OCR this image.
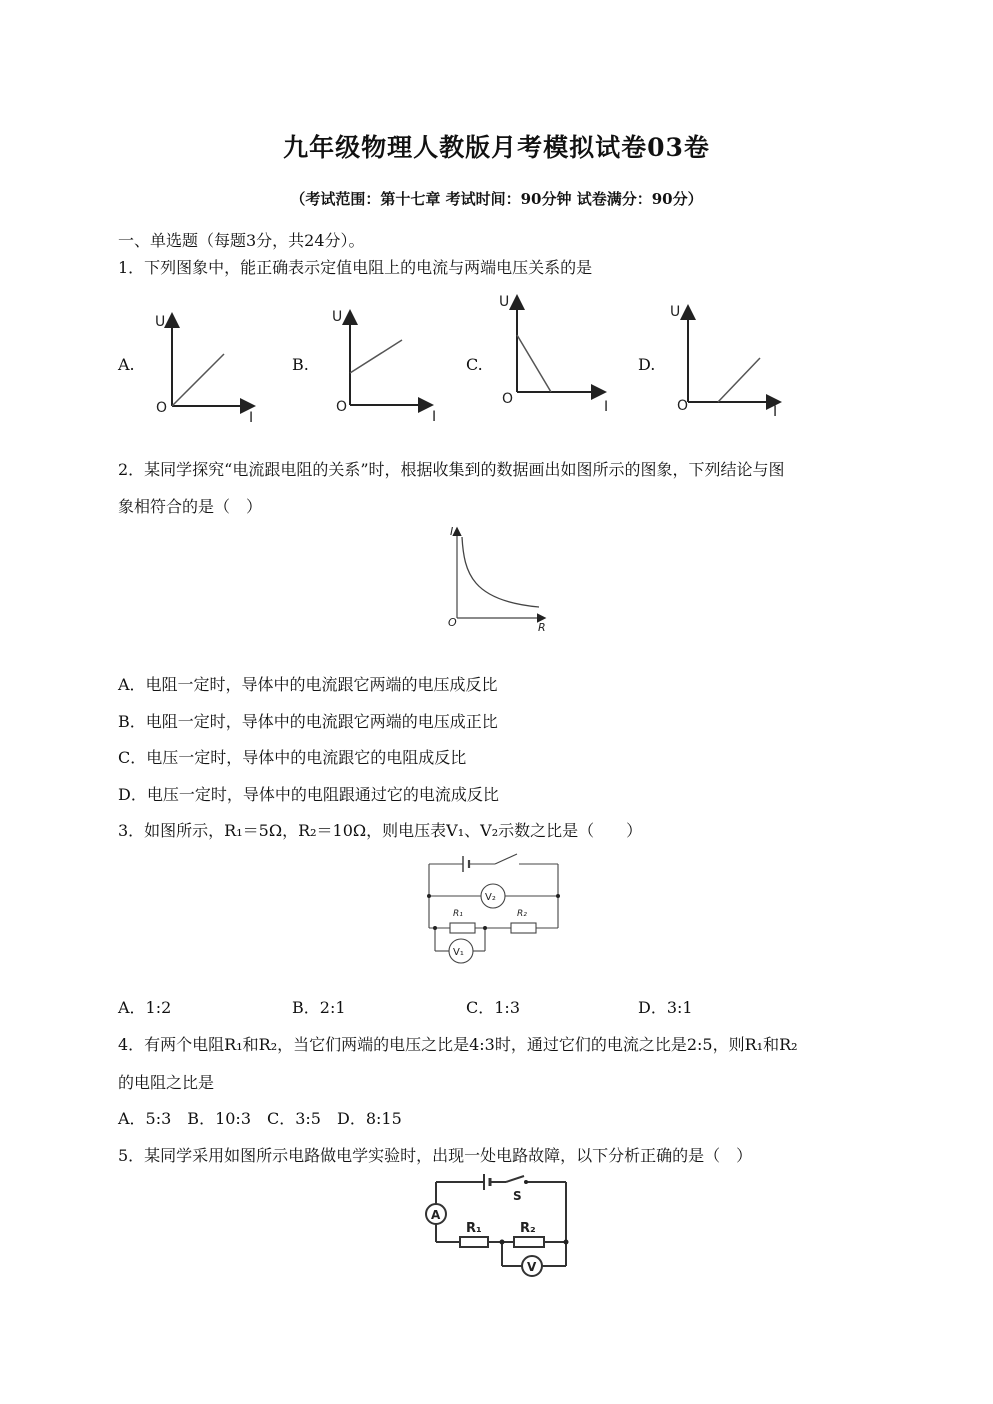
九年级物理人教版月考模拟试卷03卷
（考试范围：第十七章 考试时间：90分钟 试卷满分：90分）
一、单选题（每题3分，共24分）。
1．下列图象中，能正确表示定值电阻上的电流与两端电压关系的是
A.	B.	C.	D.
U
O
I
U
O
I
U
O	I
U
O	I
2．某同学探究“电流跟电阻的关系”时，根据收集到的数据画出如图所示的图象，下列结论与图
象相符合的是（　）
I
O	R
A．电阻一定时，导体中的电流跟它两端的电压成反比
B．电阻一定时，导体中的电流跟它两端的电压成正比
C．电压一定时，导体中的电流跟它的电阻成反比
D．电压一定时，导体中的电阻跟通过它的电流成反比
3．如图所示，R₁＝5Ω，R₂＝10Ω，则电压表V₁、V₂示数之比是（　　）
V₂
V₁
R₁	R₂
A．1:2	B．2:1	C．1:3	D．3:1
4．有两个电阻R₁和R₂，当它们两端的电压之比是4:3时，通过它们的电流之比是2:5，则R₁和R₂
的电阻之比是
A．5:3　B．10:3　C．3:5　D．8:15
5．某同学采用如图所示电路做电学实验时，出现一处电路故障，以下分析正确的是（　）
A
S
R₁	R₂
V
